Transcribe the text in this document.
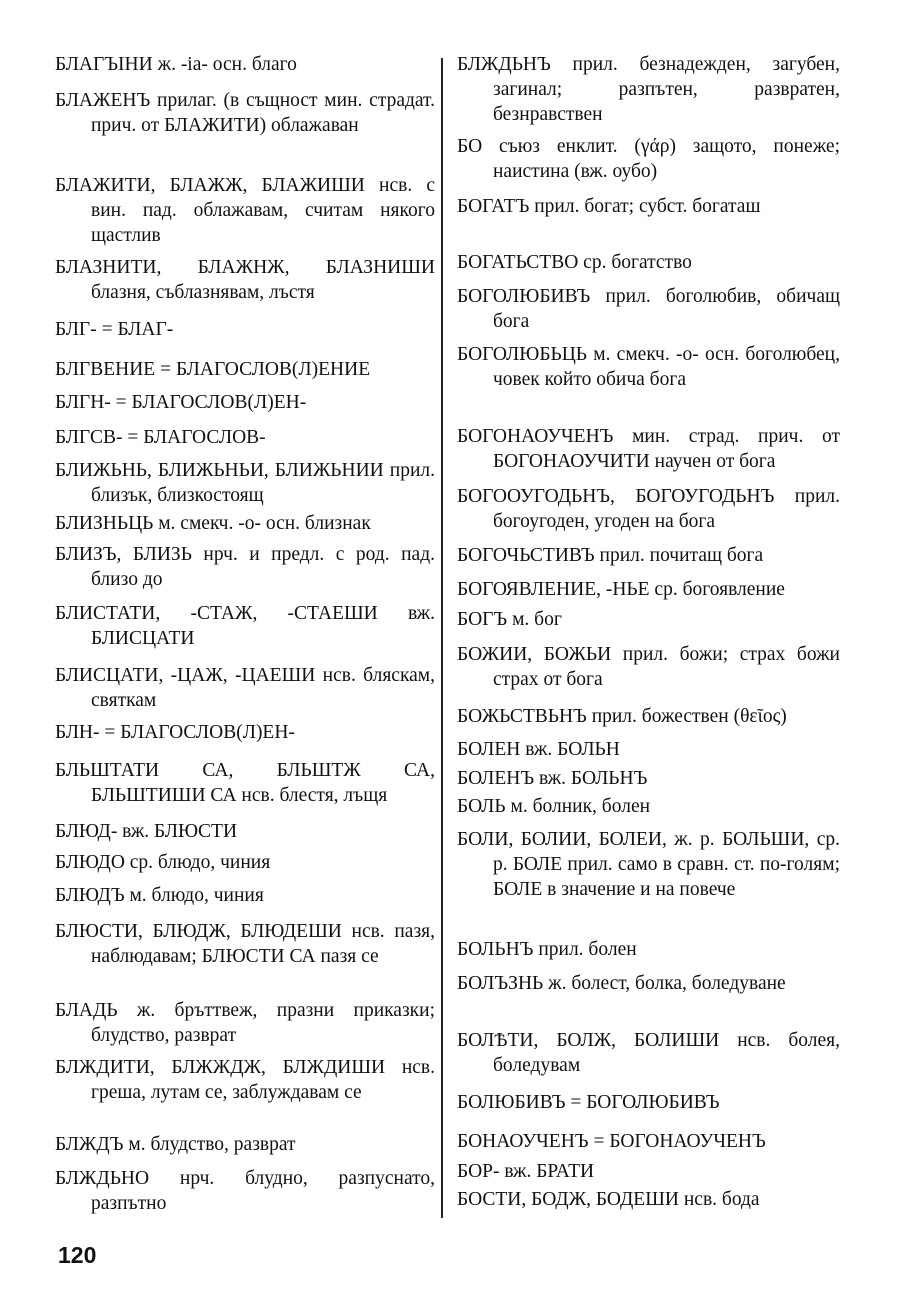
БЛАГЪІНИ ж. -ia- осн. благо

БЛАЖЕНЪ прилаг. (в същност мин. страдат. прич. от БЛАЖИТИ) облажаван

БЛАЖИТИ, БЛАЖЖ, БЛАЖИШИ нсв. с вин. пад. облажавам, считам някого щастлив

БЛАЗНИТИ, БЛАЖНЖ, БЛАЗНИШИ блазня, съблазнявам, лъстя

БЛГ- = БЛАГ-

БЛГВЕНИЕ = БЛАГОСЛОВ(Л)ЕНИЕ

БЛГН- = БЛАГОСЛОВ(Л)ЕН-

БЛГСВ- = БЛАГОСЛОВ-

БЛИЖЬНЬ, БЛИЖЬНЬИ, БЛИЖЬНИИ прил. близък, близкостоящ

БЛИЗНЬЦЬ м. смекч. -о- осн. близнак

БЛИЗЪ, БЛИЗЬ нрч. и предл. с род. пад. близо до

БЛИСТАТИ, -СТАЖ, -СТАЕШИ вж. БЛИСЦАТИ

БЛИСЦАТИ, -ЦАЖ, -ЦАЕШИ нсв. бляскам, святкам

БЛН- = БЛАГОСЛОВ(Л)ЕН-

БЛЬШТАТИ СА, БЛЬШТЖ СА, БЛЬШТИШИ СА нсв. блестя, лъщя

БЛЮД- вж. БЛЮСТИ

БЛЮДО ср. блюдо, чиния

БЛЮДЪ м. блюдо, чиния

БЛЮСТИ, БЛЮДЖ, БЛЮДЕШИ нсв. пазя, наблюдавам; БЛЮСТИ СА пазя се

БЛАДЬ ж. бръттвеж, празни приказки; блудство, разврат

БЛЖДИТИ, БЛЖЖДЖ, БЛЖДИШИ нсв. греша, лутам се, заблуждавам се

БЛЖДЪ м. блудство, разврат

БЛЖДЬНО нрч. блудно, разпуснато, разпътно

БЛЖДЬНЪ прил. безнадежден, загубен, загинал; разпътен, развратен, безнравствен

БО съюз енклит. (γάρ) защото, понеже; наистина (вж. оубо)

БОГАТЪ прил. богат; субст. богаташ

БОГАТЬСТВО ср. богатство

БОГОЛЮБИВЪ прил. боголюбив, обичащ бога

БОГОЛЮБЬЦЬ м. смекч. -о- осн. боголюбец, човек който обича бога

БОГОНАОУЧЕНЪ мин. страд. прич. от БОГОНАОУЧИТИ научен от бога

БОГООУГОДЬНЪ, БОГОУГОДЬНЪ прил. богоугоден, угоден на бога

БОГОЧЬСТИВЪ прил. почитащ бога

БОГОЯВЛЕНИЕ, -НЬЕ ср. богоявление

БОГЪ м. бог

БОЖИИ, БОЖЬИ прил. божи; страх божи страх от бога

БОЖЬСТВЬНЪ прил. божествен (θεῖος)

БОЛЕН вж. БОЛЬН

БОЛЕНЪ вж. БОЛЬНЪ

БОЛЬ м. болник, болен

БОЛИ, БОЛИИ, БОЛЕИ, ж. р. БОЛЬШИ, ср. р. БОЛЕ прил. само в сравн. ст. по-голям; БОЛЕ в значение и на повече

БОЛЬНЪ прил. болен

БОЛЪЗНЬ ж. болест, болка, боледуване

БОЛѢТИ, БОЛЖ, БОЛИШИ нсв. болея, боледувам

БОЛЮБИВЪ = БОГОЛЮБИВЪ

БОНАОУЧЕНЪ = БОГОНАОУЧЕНЪ

БОР- вж. БРАТИ

БОСТИ, БОДЖ, БОДЕШИ нсв. бода

120
